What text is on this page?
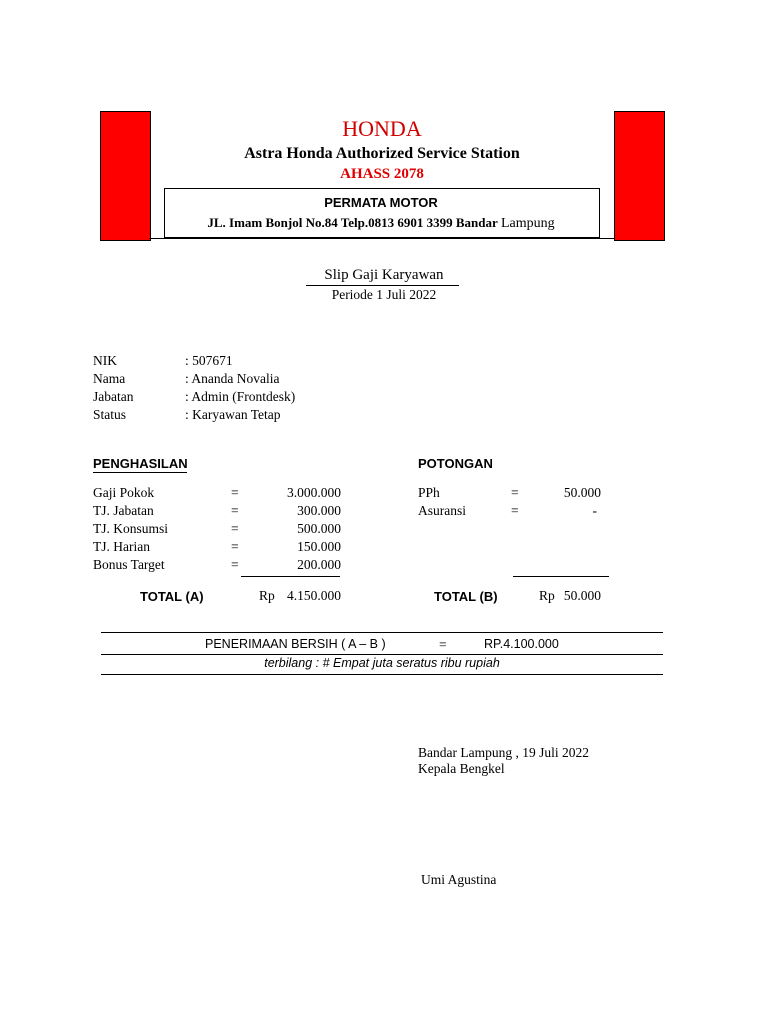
HONDA
Astra Honda Authorized Service Station
AHASS 2078
PERMATA MOTOR
JL. Imam Bonjol No.84 Telp.0813 6901 3399 Bandar Lampung
Slip Gaji Karyawan
Periode 1 Juli 2022
NIK	: 507671
Nama	: Ananda Novalia
Jabatan	: Admin (Frontdesk)
Status	: Karyawan Tetap
PENGHASILAN
Gaji Pokok	=	3.000.000
TJ. Jabatan	=	300.000
TJ. Konsumsi	=	500.000
TJ. Harian	=	150.000
Bonus Target	=	200.000
TOTAL (A)	Rp 4.150.000
POTONGAN
PPh	=	50.000
Asuransi	=	-
TOTAL (B)	Rp 50.000
PENERIMAAN BERSIH ( A – B )	=	RP.4.100.000
terbilang : # Empat juta seratus ribu rupiah
Bandar Lampung , 19 Juli 2022
Kepala Bengkel
Umi Agustina
